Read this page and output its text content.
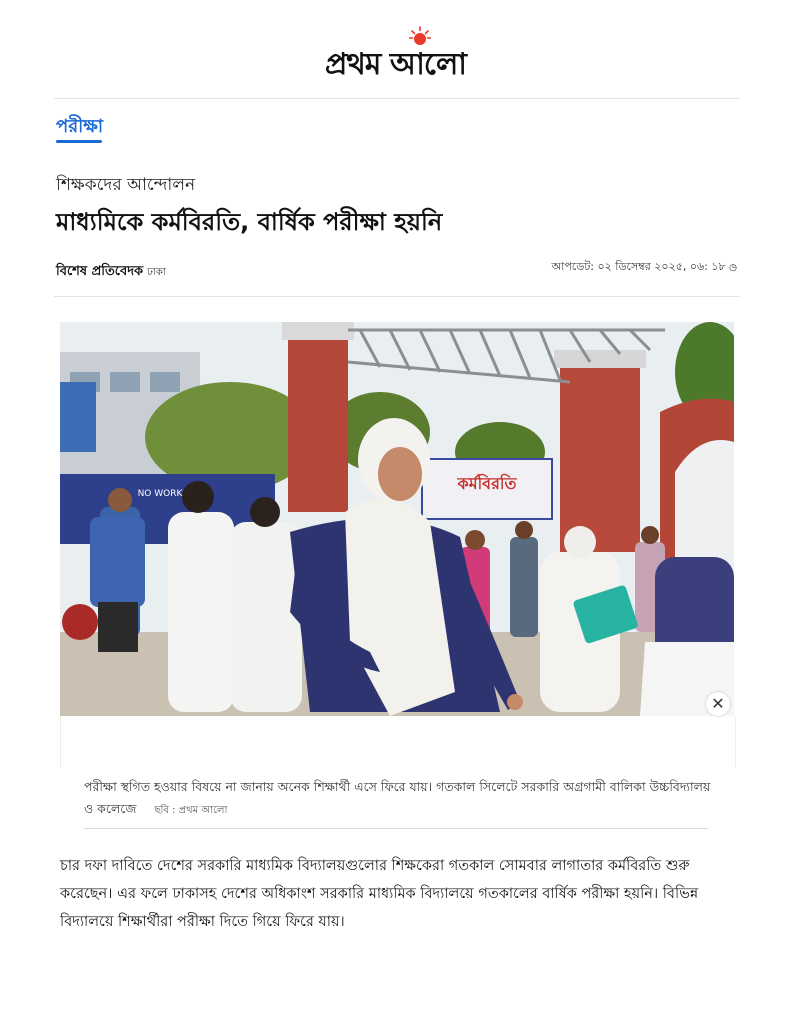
প্রথম আলো
পরীক্ষা
শিক্ষকদের আন্দোলন
মাধ্যমিকে কর্মবিরতি, বার্ষিক পরীক্ষা হয়নি
বিশেষ প্রতিবেদক ঢাকা	আপডেট: ০২ ডিসেম্বর ২০২৫, ০৬: ১৮ ◷
NO WORK
কর্মবিরতি
✕
পরীক্ষা স্থগিত হওয়ার বিষয়ে না জানায় অনেক শিক্ষার্থী এসে ফিরে যায়। গতকাল সিলেটে সরকারি অগ্রগামী বালিকা উচ্চবিদ্যালয় ও কলেজে ছবি : প্রথম আলো

চার দফা দাবিতে দেশের সরকারি মাধ্যমিক বিদ্যালয়গুলোর শিক্ষকেরা গতকাল সোমবার লাগাতার কর্মবিরতি শুরু করেছেন। এর ফলে ঢাকাসহ দেশের অধিকাংশ সরকারি মাধ্যমিক বিদ্যালয়ে গতকালের বার্ষিক পরীক্ষা হয়নি। বিভিন্ন বিদ্যালয়ে শিক্ষার্থীরা পরীক্ষা দিতে গিয়ে ফিরে যায়।
